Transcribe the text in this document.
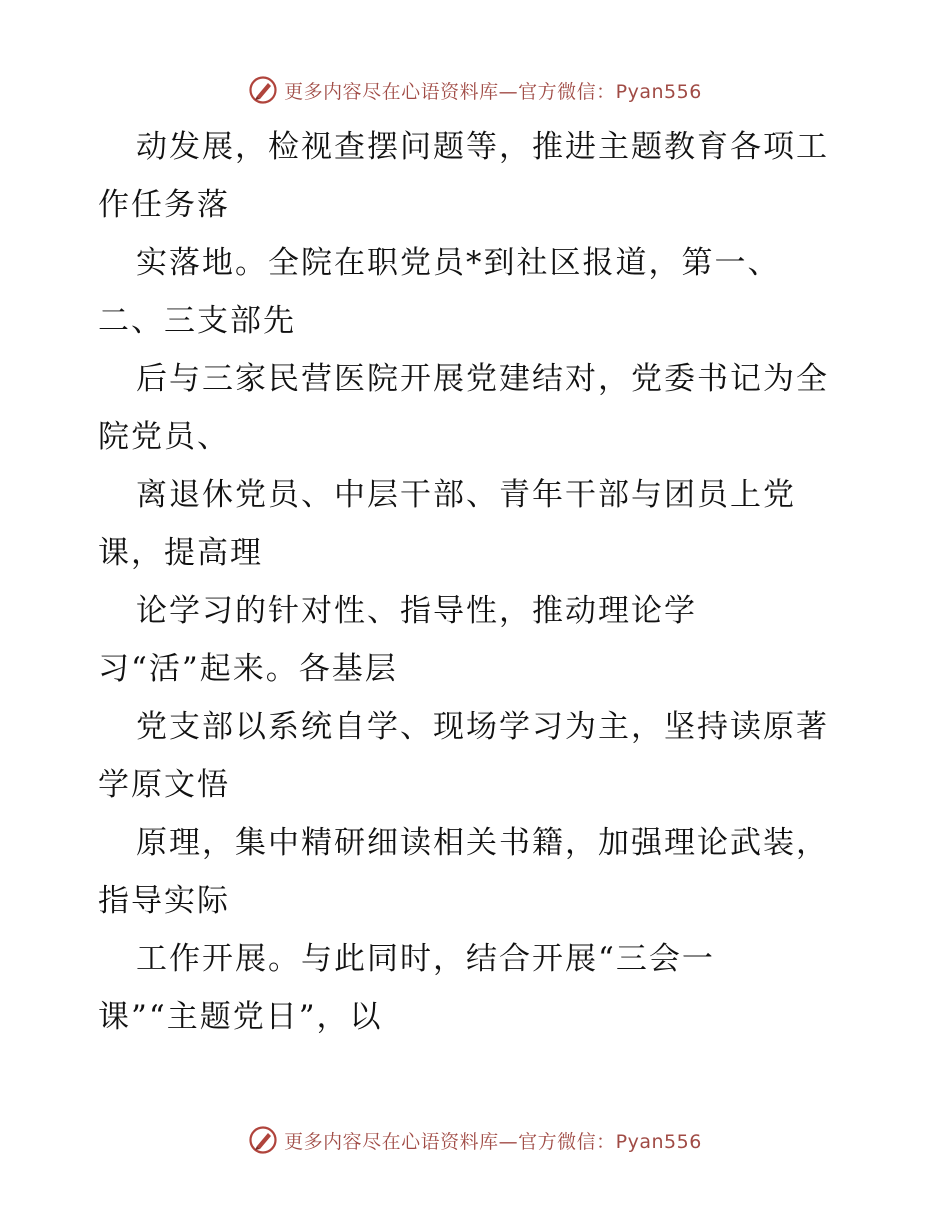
更多内容尽在心语资料库—官方微信：Pyan556
动发展，检视查摆问题等，推进主题教育各项工
作任务落
实落地。全院在职党员*到社区报道，第一、
二、三支部先
后与三家民营医院开展党建结对，党委书记为全
院党员、
离退休党员、中层干部、青年干部与团员上党
课，提高理
论学习的针对性、指导性，推动理论学
习“活”起来。各基层
党支部以系统自学、现场学习为主，坚持读原著
学原文悟
原理，集中精研细读相关书籍，加强理论武装，
指导实际
工作开展。与此同时，结合开展“三会一
课”“主题党日”，以
更多内容尽在心语资料库—官方微信：Pyan556
